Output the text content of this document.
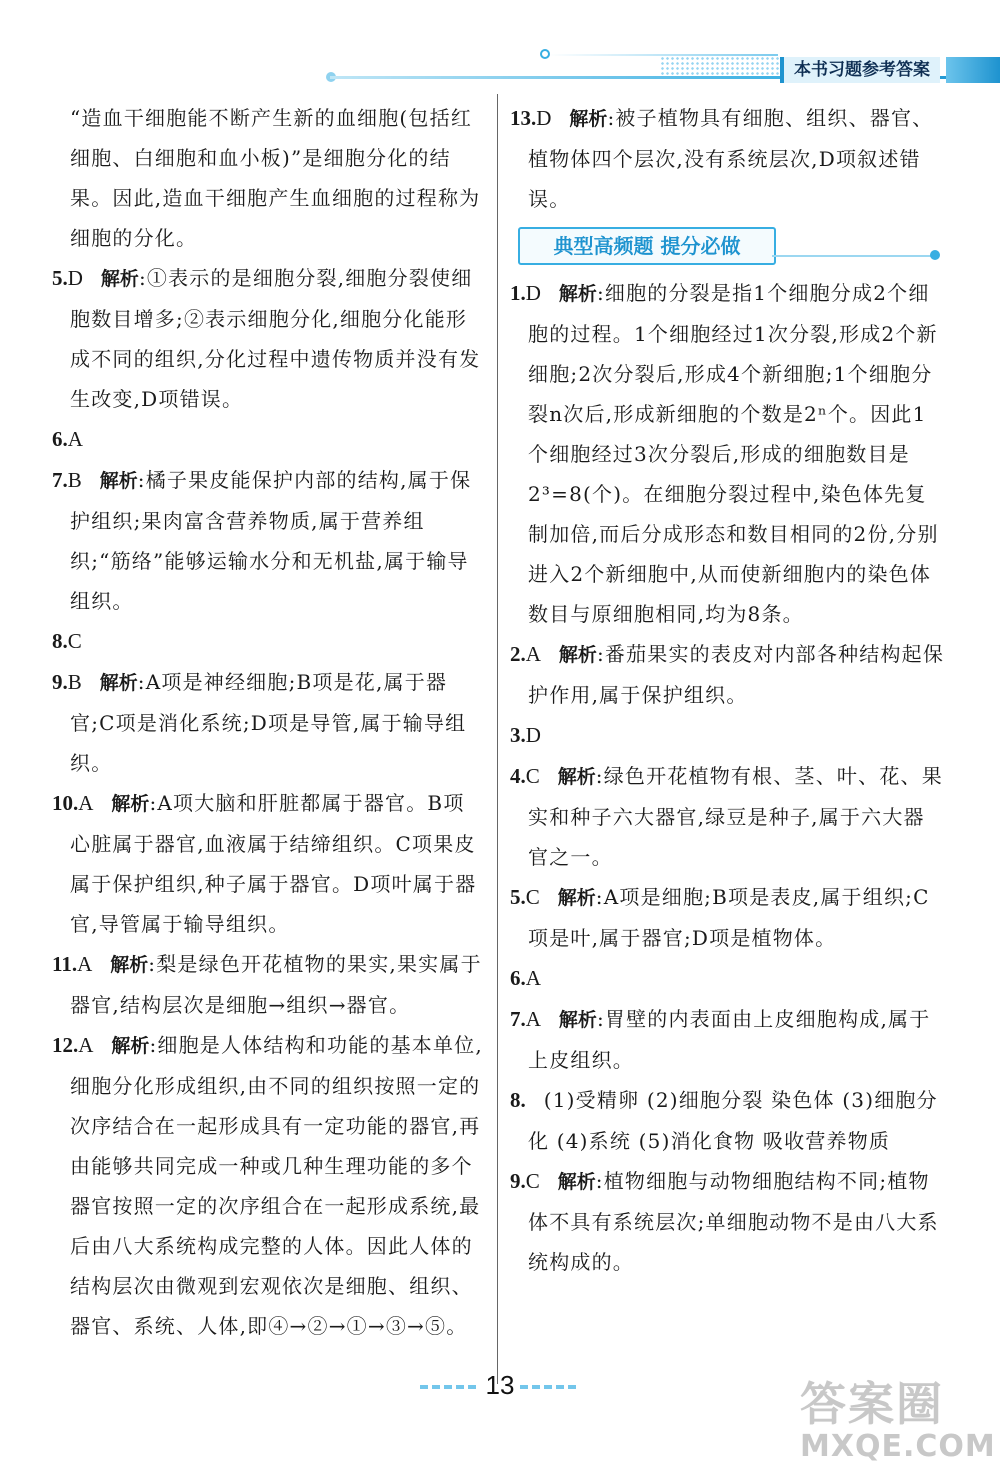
本书习题参考答案
“造血干细胞能不断产生新的血细胞(包括红细胞、白细胞和血小板)”是细胞分化的结果。因此,造血干细胞产生血细胞的过程称为细胞的分化。
5.D 解析:①表示的是细胞分裂,细胞分裂使细胞数目增多;②表示细胞分化,细胞分化能形成不同的组织,分化过程中遗传物质并没有发生改变,D项错误。
6.A
7.B 解析:橘子果皮能保护内部的结构,属于保护组织;果肉富含营养物质,属于营养组织;“筋络”能够运输水分和无机盐,属于输导组织。
8.C
9.B 解析:A项是神经细胞;B项是花,属于器官;C项是消化系统;D项是导管,属于输导组织。
10.A 解析:A项大脑和肝脏都属于器官。B项心脏属于器官,血液属于结缔组织。C项果皮属于保护组织,种子属于器官。D项叶属于器官,导管属于输导组织。
11.A 解析:梨是绿色开花植物的果实,果实属于器官,结构层次是细胞→组织→器官。
12.A 解析:细胞是人体结构和功能的基本单位,细胞分化形成组织,由不同的组织按照一定的次序结合在一起形成具有一定功能的器官,再由能够共同完成一种或几种生理功能的多个器官按照一定的次序组合在一起形成系统,最后由八大系统构成完整的人体。因此人体的结构层次由微观到宏观依次是细胞、组织、器官、系统、人体,即④→②→①→③→⑤。
13.D 解析:被子植物具有细胞、组织、器官、植物体四个层次,没有系统层次,D项叙述错误。
典型高频题 提分必做
1.D 解析:细胞的分裂是指1个细胞分成2个细胞的过程。1个细胞经过1次分裂,形成2个新细胞;2次分裂后,形成4个新细胞;1个细胞分裂n次后,形成新细胞的个数是2ⁿ个。因此1个细胞经过3次分裂后,形成的细胞数目是2³=8(个)。在细胞分裂过程中,染色体先复制加倍,而后分成形态和数目相同的2份,分别进入2个新细胞中,从而使新细胞内的染色体数目与原细胞相同,均为8条。
2.A 解析:番茄果实的表皮对内部各种结构起保护作用,属于保护组织。
3.D
4.C 解析:绿色开花植物有根、茎、叶、花、果实和种子六大器官,绿豆是种子,属于六大器官之一。
5.C 解析:A项是细胞;B项是表皮,属于组织;C项是叶,属于器官;D项是植物体。
6.A
7.A 解析:胃壁的内表面由上皮细胞构成,属于上皮组织。
8. (1)受精卵 (2)细胞分裂 染色体 (3)细胞分化 (4)系统 (5)消化食物 吸收营养物质
9.C 解析:植物细胞与动物细胞结构不同;植物体不具有系统层次;单细胞动物不是由八大系统构成的。
13	答案圈
MXQE.COM
